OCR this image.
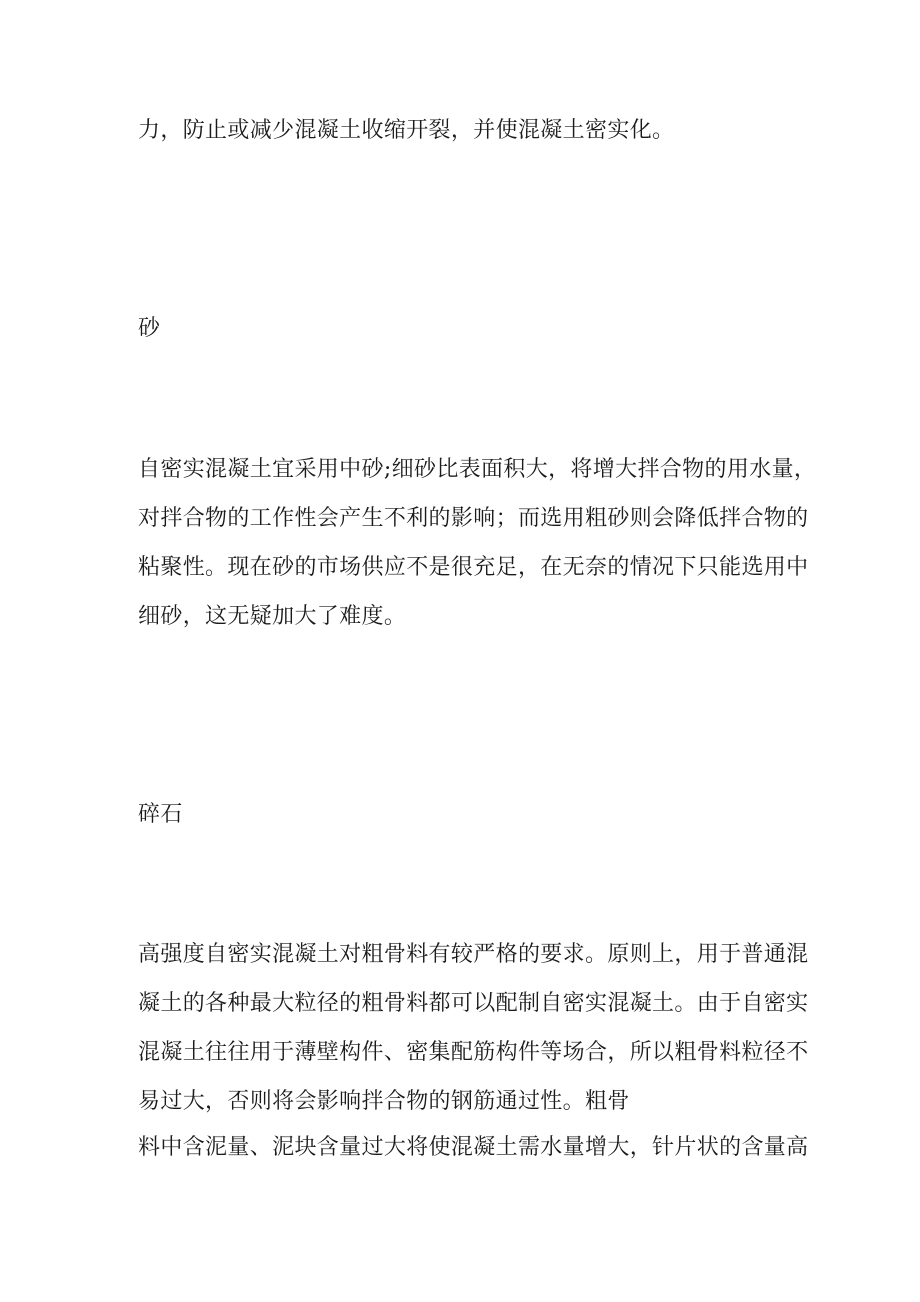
力，防止或减少混凝土收缩开裂，并使混凝土密实化。
砂
自密实混凝土宜采用中砂;细砂比表面积大，将增大拌合物的用水量，
对拌合物的工作性会产生不利的影响；而选用粗砂则会降低拌合物的
粘聚性。现在砂的市场供应不是很充足，在无奈的情况下只能选用中
细砂，这无疑加大了难度。
碎石
高强度自密实混凝土对粗骨料有较严格的要求。原则上，用于普通混
凝土的各种最大粒径的粗骨料都可以配制自密实混凝土。由于自密实
混凝土往往用于薄壁构件、密集配筋构件等场合，所以粗骨料粒径不
易过大，否则将会影响拌合物的钢筋通过性。粗骨
料中含泥量、泥块含量过大将使混凝土需水量增大，针片状的含量高
